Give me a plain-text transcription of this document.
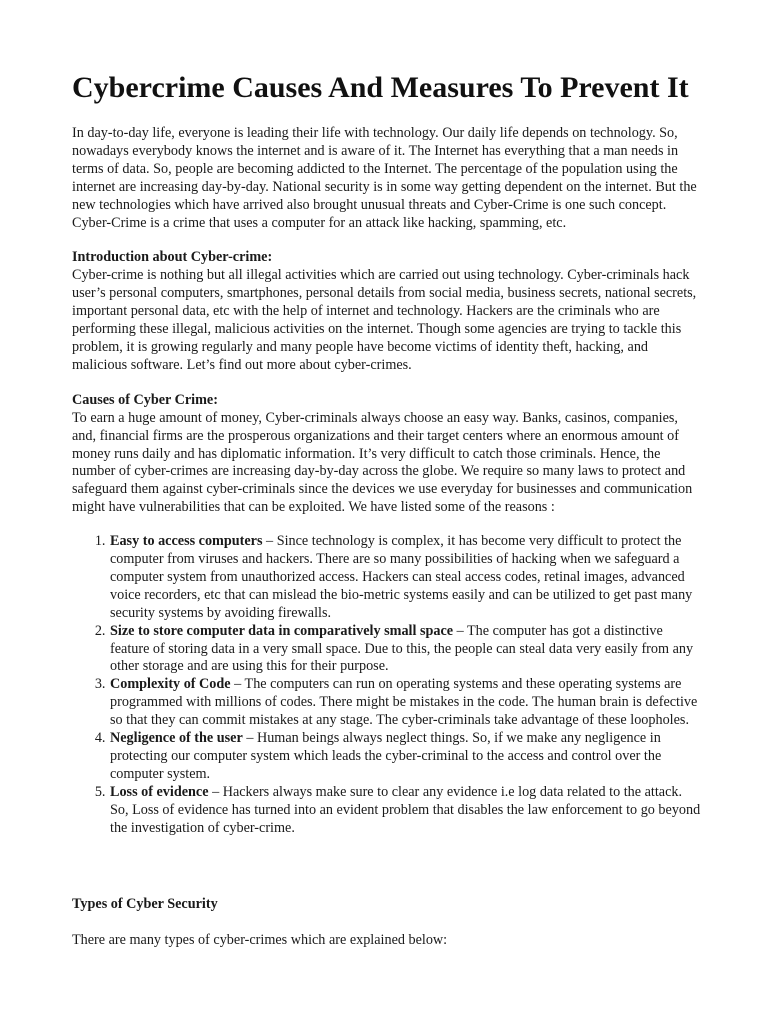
Cybercrime Causes And Measures To Prevent It

In day-to-day life, everyone is leading their life with technology. Our daily life depends on technology. So, nowadays everybody knows the internet and is aware of it. The Internet has everything that a man needs in terms of data. So, people are becoming addicted to the Internet. The percentage of the population using the internet are increasing day-by-day. National security is in some way getting dependent on the internet. But the new technologies which have arrived also brought unusual threats and Cyber-Crime is one such concept. Cyber-Crime is a crime that uses a computer for an attack like hacking, spamming, etc.

Introduction about Cyber-crime:

Cyber-crime is nothing but all illegal activities which are carried out using technology. Cyber-criminals hack user’s personal computers, smartphones, personal details from social media, business secrets, national secrets, important personal data, etc with the help of internet and technology. Hackers are the criminals who are performing these illegal, malicious activities on the internet. Though some agencies are trying to tackle this problem, it is growing regularly and many people have become victims of identity theft, hacking, and malicious software. Let’s find out more about cyber-crimes.

Causes of Cyber Crime:

To earn a huge amount of money, Cyber-criminals always choose an easy way. Banks, casinos, companies, and, financial firms are the prosperous organizations and their target centers where an enormous amount of money runs daily and has diplomatic information. It’s very difficult to catch those criminals. Hence, the number of cyber-crimes are increasing day-by-day across the globe. We require so many laws to protect and safeguard them against cyber-criminals since the devices we use everyday for businesses and communication might have vulnerabilities that can be exploited. We have listed some of the reasons :

1. Easy to access computers – Since technology is complex, it has become very difficult to protect the computer from viruses and hackers. There are so many possibilities of hacking when we safeguard a computer system from unauthorized access. Hackers can steal access codes, retinal images, advanced voice recorders, etc that can mislead the bio-metric systems easily and can be utilized to get past many security systems by avoiding firewalls.
2. Size to store computer data in comparatively small space – The computer has got a distinctive feature of storing data in a very small space. Due to this, the people can steal data very easily from any other storage and are using this for their purpose.
3. Complexity of Code – The computers can run on operating systems and these operating systems are programmed with millions of codes. There might be mistakes in the code. The human brain is defective so that they can commit mistakes at any stage. The cyber-criminals take advantage of these loopholes.
4. Negligence of the user – Human beings always neglect things. So, if we make any negligence in protecting our computer system which leads the cyber-criminal to the access and control over the computer system.
5. Loss of evidence – Hackers always make sure to clear any evidence i.e log data related to the attack. So, Loss of evidence has turned into an evident problem that disables the law enforcement to go beyond the investigation of cyber-crime.

Types of Cyber Security

There are many types of cyber-crimes which are explained below:
